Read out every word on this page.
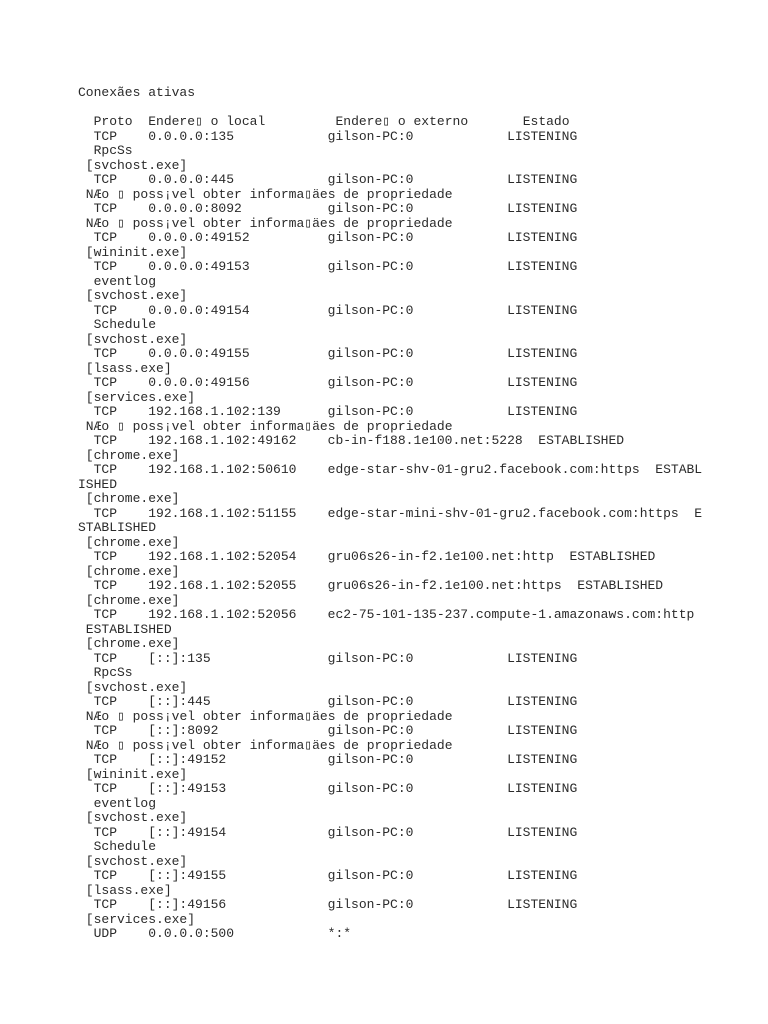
Conexães ativas
Proto  Endere▯ o local         Endere▯ o externo       Estado
TCP    0.0.0.0:135            gilson-PC:0            LISTENING
RpcSs
[svchost.exe]
TCP    0.0.0.0:445            gilson-PC:0            LISTENING
NÆo ▯ poss¡vel obter informa▯äes de propriedade
TCP    0.0.0.0:8092           gilson-PC:0            LISTENING
NÆo ▯ poss¡vel obter informa▯äes de propriedade
TCP    0.0.0.0:49152          gilson-PC:0            LISTENING
[wininit.exe]
TCP    0.0.0.0:49153          gilson-PC:0            LISTENING
eventlog
[svchost.exe]
TCP    0.0.0.0:49154          gilson-PC:0            LISTENING
Schedule
[svchost.exe]
TCP    0.0.0.0:49155          gilson-PC:0            LISTENING
[lsass.exe]
TCP    0.0.0.0:49156          gilson-PC:0            LISTENING
[services.exe]
TCP    192.168.1.102:139      gilson-PC:0            LISTENING
NÆo ▯ poss¡vel obter informa▯äes de propriedade
TCP    192.168.1.102:49162    cb-in-f188.1e100.net:5228  ESTABLISHED
[chrome.exe]
TCP    192.168.1.102:50610    edge-star-shv-01-gru2.facebook.com:https  ESTABL
ISHED
[chrome.exe]
TCP    192.168.1.102:51155    edge-star-mini-shv-01-gru2.facebook.com:https  E
STABLISHED
[chrome.exe]
TCP    192.168.1.102:52054    gru06s26-in-f2.1e100.net:http  ESTABLISHED
[chrome.exe]
TCP    192.168.1.102:52055    gru06s26-in-f2.1e100.net:https  ESTABLISHED
[chrome.exe]
TCP    192.168.1.102:52056    ec2-75-101-135-237.compute-1.amazonaws.com:http
ESTABLISHED
[chrome.exe]
TCP    [::]:135               gilson-PC:0            LISTENING
RpcSs
[svchost.exe]
TCP    [::]:445               gilson-PC:0            LISTENING
NÆo ▯ poss¡vel obter informa▯äes de propriedade
TCP    [::]:8092              gilson-PC:0            LISTENING
NÆo ▯ poss¡vel obter informa▯äes de propriedade
TCP    [::]:49152             gilson-PC:0            LISTENING
[wininit.exe]
TCP    [::]:49153             gilson-PC:0            LISTENING
eventlog
[svchost.exe]
TCP    [::]:49154             gilson-PC:0            LISTENING
Schedule
[svchost.exe]
TCP    [::]:49155             gilson-PC:0            LISTENING
[lsass.exe]
TCP    [::]:49156             gilson-PC:0            LISTENING
[services.exe]
UDP    0.0.0.0:500            *:*
